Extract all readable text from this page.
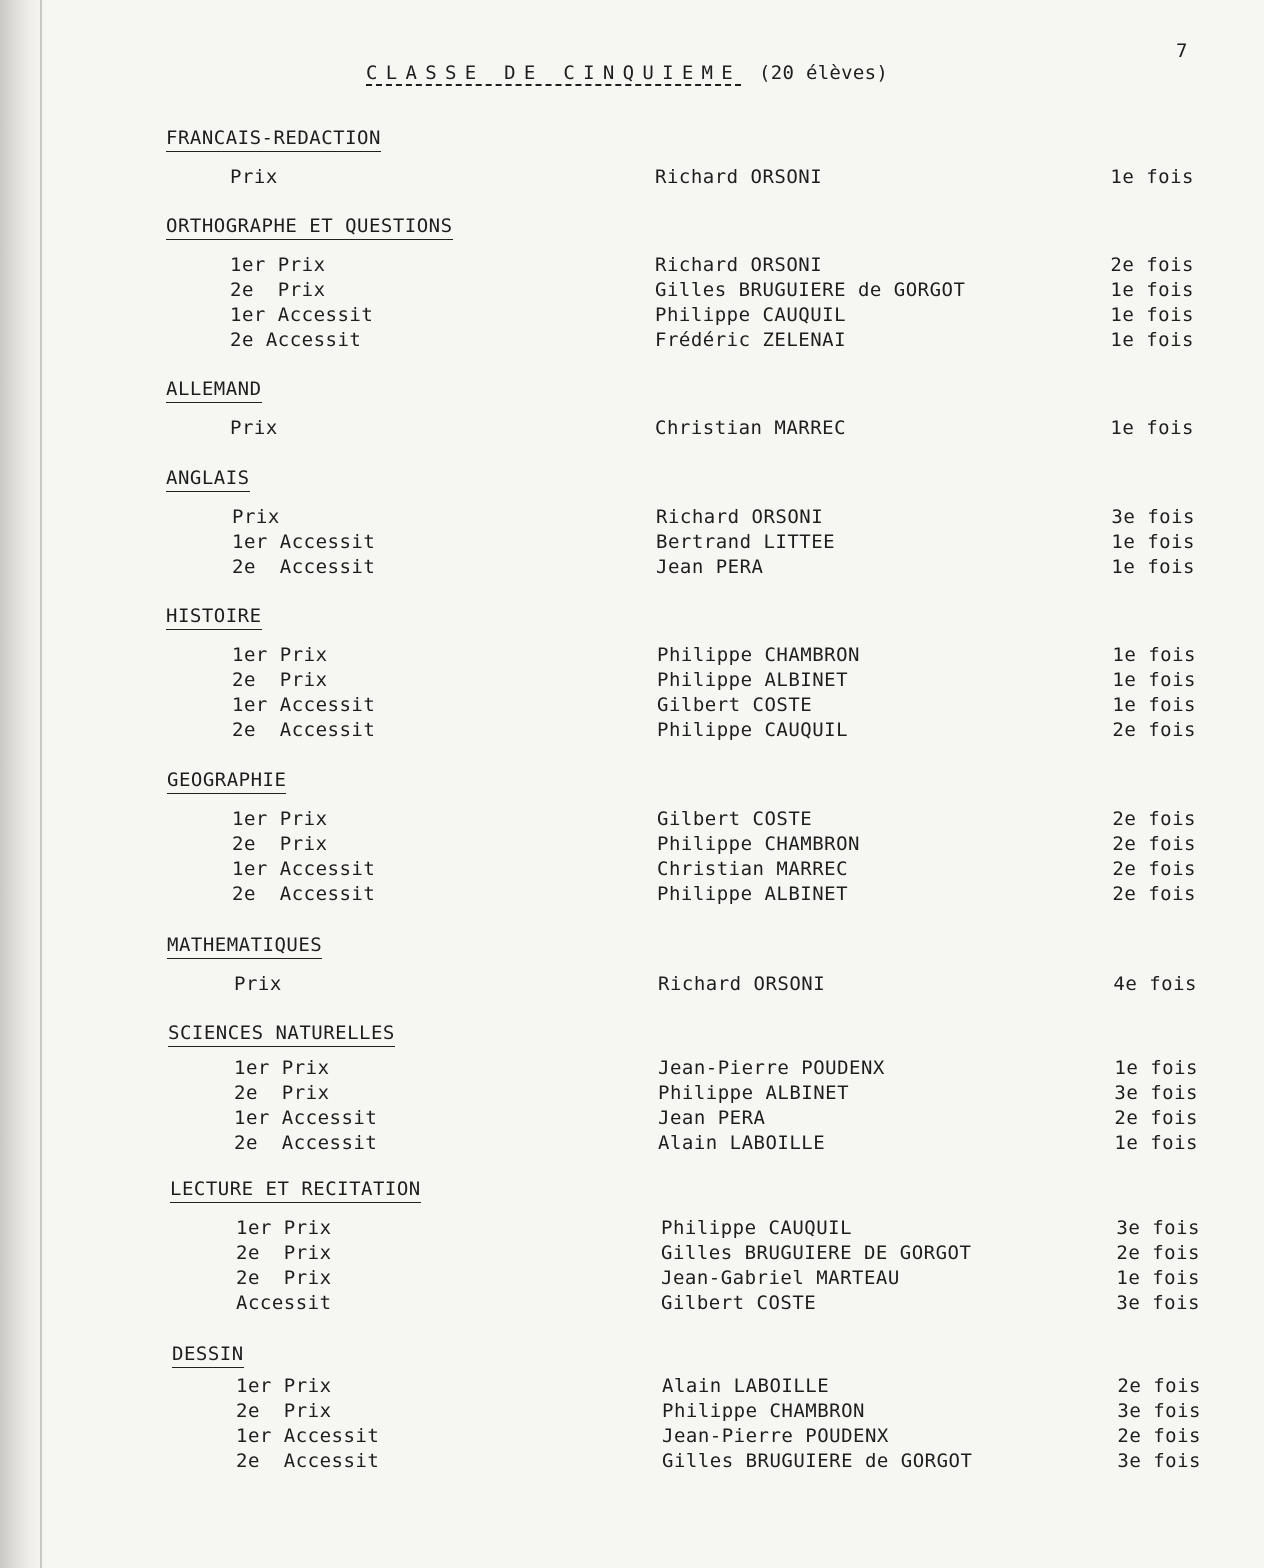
7
CLASSE DE CINQUIEME (20 élèves)
FRANCAIS-REDACTION
Prix	Richard ORSONI	1e fois
ORTHOGRAPHE ET QUESTIONS
1er Prix	Richard ORSONI	2e fois
2e  Prix	Gilles BRUGUIERE de GORGOT	1e fois
1er Accessit	Philippe CAUQUIL	1e fois
2e Accessit	Frédéric ZELENAI	1e fois
ALLEMAND
Prix	Christian MARREC	1e fois
ANGLAIS
Prix	Richard ORSONI	3e fois
1er Accessit	Bertrand LITTEE	1e fois
2e  Accessit	Jean PERA	1e fois
HISTOIRE
1er Prix	Philippe CHAMBRON	1e fois
2e  Prix	Philippe ALBINET	1e fois
1er Accessit	Gilbert COSTE	1e fois
2e  Accessit	Philippe CAUQUIL	2e fois
GEOGRAPHIE
1er Prix	Gilbert COSTE	2e fois
2e  Prix	Philippe CHAMBRON	2e fois
1er Accessit	Christian MARREC	2e fois
2e  Accessit	Philippe ALBINET	2e fois
MATHEMATIQUES
Prix	Richard ORSONI	4e fois
SCIENCES NATURELLES
1er Prix	Jean-Pierre POUDENX	1e fois
2e  Prix	Philippe ALBINET	3e fois
1er Accessit	Jean PERA	2e fois
2e  Accessit	Alain LABOILLE	1e fois
LECTURE ET RECITATION
1er Prix	Philippe CAUQUIL	3e fois
2e  Prix	Gilles BRUGUIERE DE GORGOT	2e fois
2e  Prix	Jean-Gabriel MARTEAU	1e fois
Accessit	Gilbert COSTE	3e fois
DESSIN
1er Prix	Alain LABOILLE	2e fois
2e  Prix	Philippe CHAMBRON	3e fois
1er Accessit	Jean-Pierre POUDENX	2e fois
2e  Accessit	Gilles BRUGUIERE de GORGOT	3e fois
